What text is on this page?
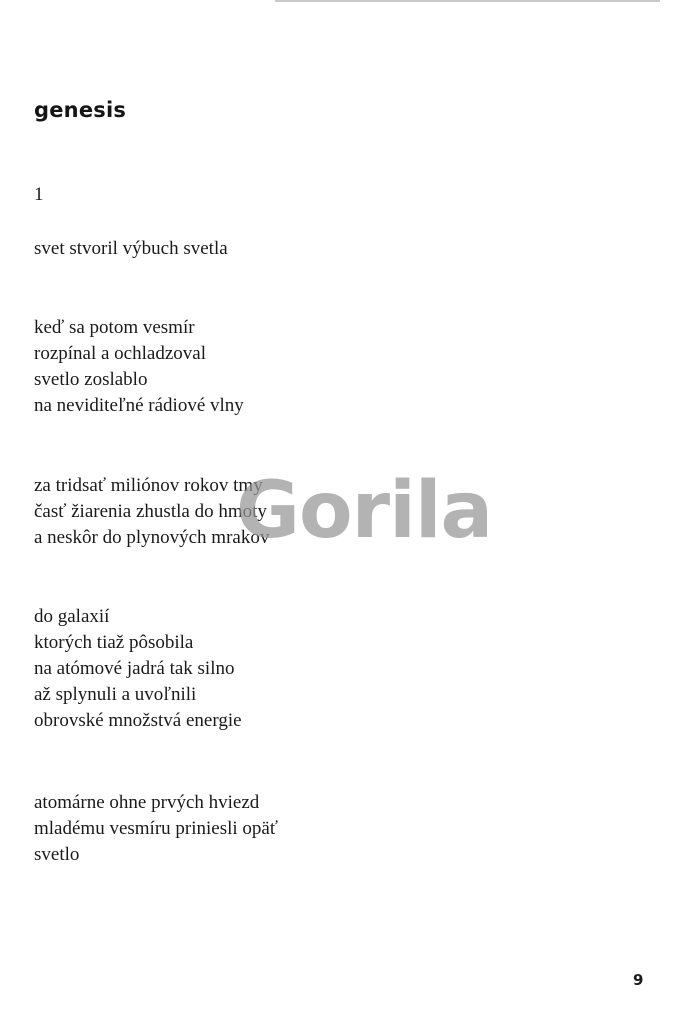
genesis
1
svet stvoril výbuch svetla
keď sa potom vesmír
rozpínal a ochladzoval
svetlo zoslablo
na neviditeľné rádiové vlny
za tridsať miliónov rokov tmy
časť žiarenia zhustla do hmoty
a neskôr do plynových mrakov
do galaxií
ktorých tiaž pôsobila
na atómové jadrá tak silno
až splynuli a uvoľnili
obrovské množstvá energie
atomárne ohne prvých hviezd
mladému vesmíru priniesli opäť
svetlo
Gorila
9
